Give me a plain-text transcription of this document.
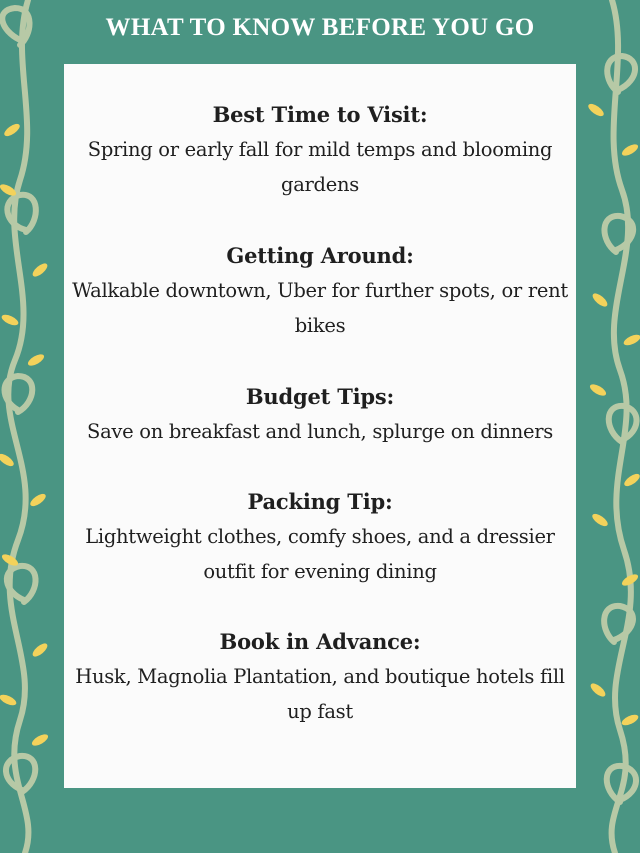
WHAT TO KNOW BEFORE YOU GO
Best Time to Visit:

Spring or early fall for mild temps and blooming gardens

Getting Around:

Walkable downtown, Uber for further spots, or rent bikes

Budget Tips:

Save on breakfast and lunch, splurge on dinners

Packing Tip:

Lightweight clothes, comfy shoes, and a dressier outfit for evening dining

Book in Advance:

Husk, Magnolia Plantation, and boutique hotels fill up fast
